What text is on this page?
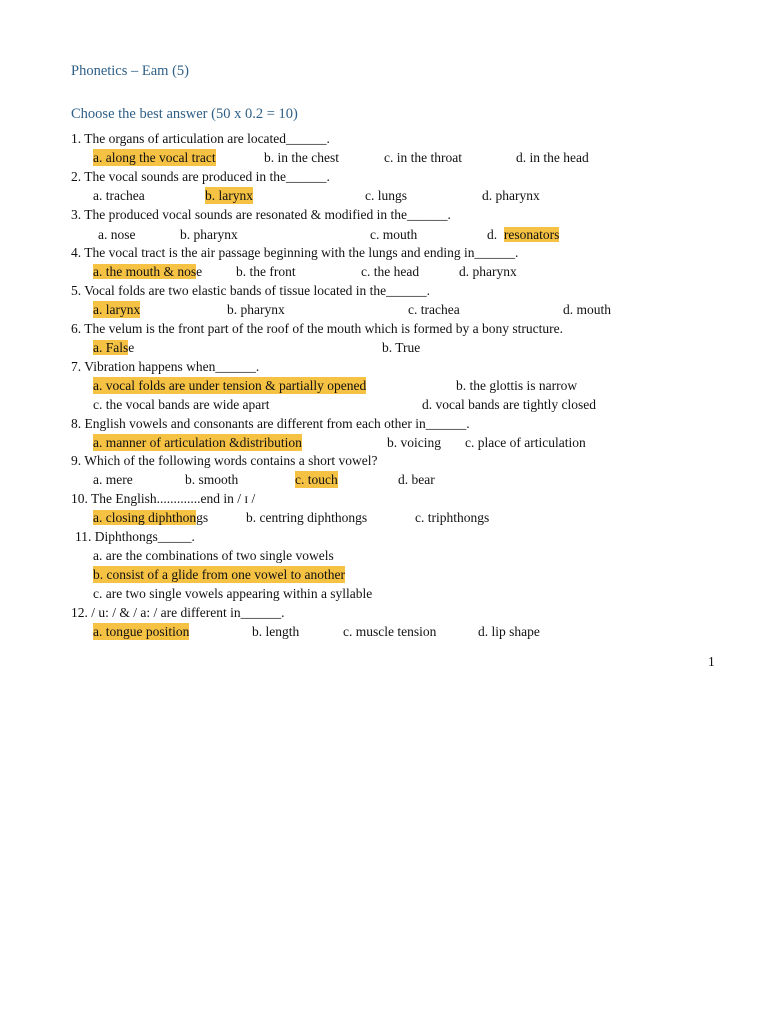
Phonetics – Eam (5)
Choose the best answer (50 x 0.2 = 10)
1. The organs of articulation are located______.
a. along the vocal tract	b. in the chest	c. in the throat	d. in the head
2. The vocal sounds are produced in the______.
a. trachea	b. larynx	c. lungs	d. pharynx
3. The produced vocal sounds are resonated & modified in the______.
a. nose	b. pharynx	c. mouth	d.  resonators
4. The vocal tract is the air passage beginning with the lungs and ending in______.
a. the mouth & nose	b. the front	c. the head	d. pharynx
5. Vocal folds are two elastic bands of tissue located in the______.
a. larynx	b. pharynx	c. trachea	d. mouth
6. The velum is the front part of the roof of the mouth which is formed by a bony structure.
a. False	b. True
7. Vibration happens when______.
a. vocal folds are under tension & partially opened	b. the glottis is narrow
c. the vocal bands are wide apart	d. vocal bands are tightly closed
8. English vowels and consonants are different from each other in______.
a. manner of articulation &distribution	b. voicing c. place of articulation
9. Which of the following words contains a short vowel?
a. mere	b. smooth	c. touch	d. bear
10. The English.............end in / ɪ /
a. closing diphthongs	b. centring diphthongs	c. triphthongs
11. Diphthongs_____.
a. are the combinations of two single vowels
b. consist of a glide from one vowel to another
c. are two single vowels appearing within a syllable
12. / u: / & / a: / are different in______.
a. tongue position	b. length	c. muscle tension	d. lip shape
1
